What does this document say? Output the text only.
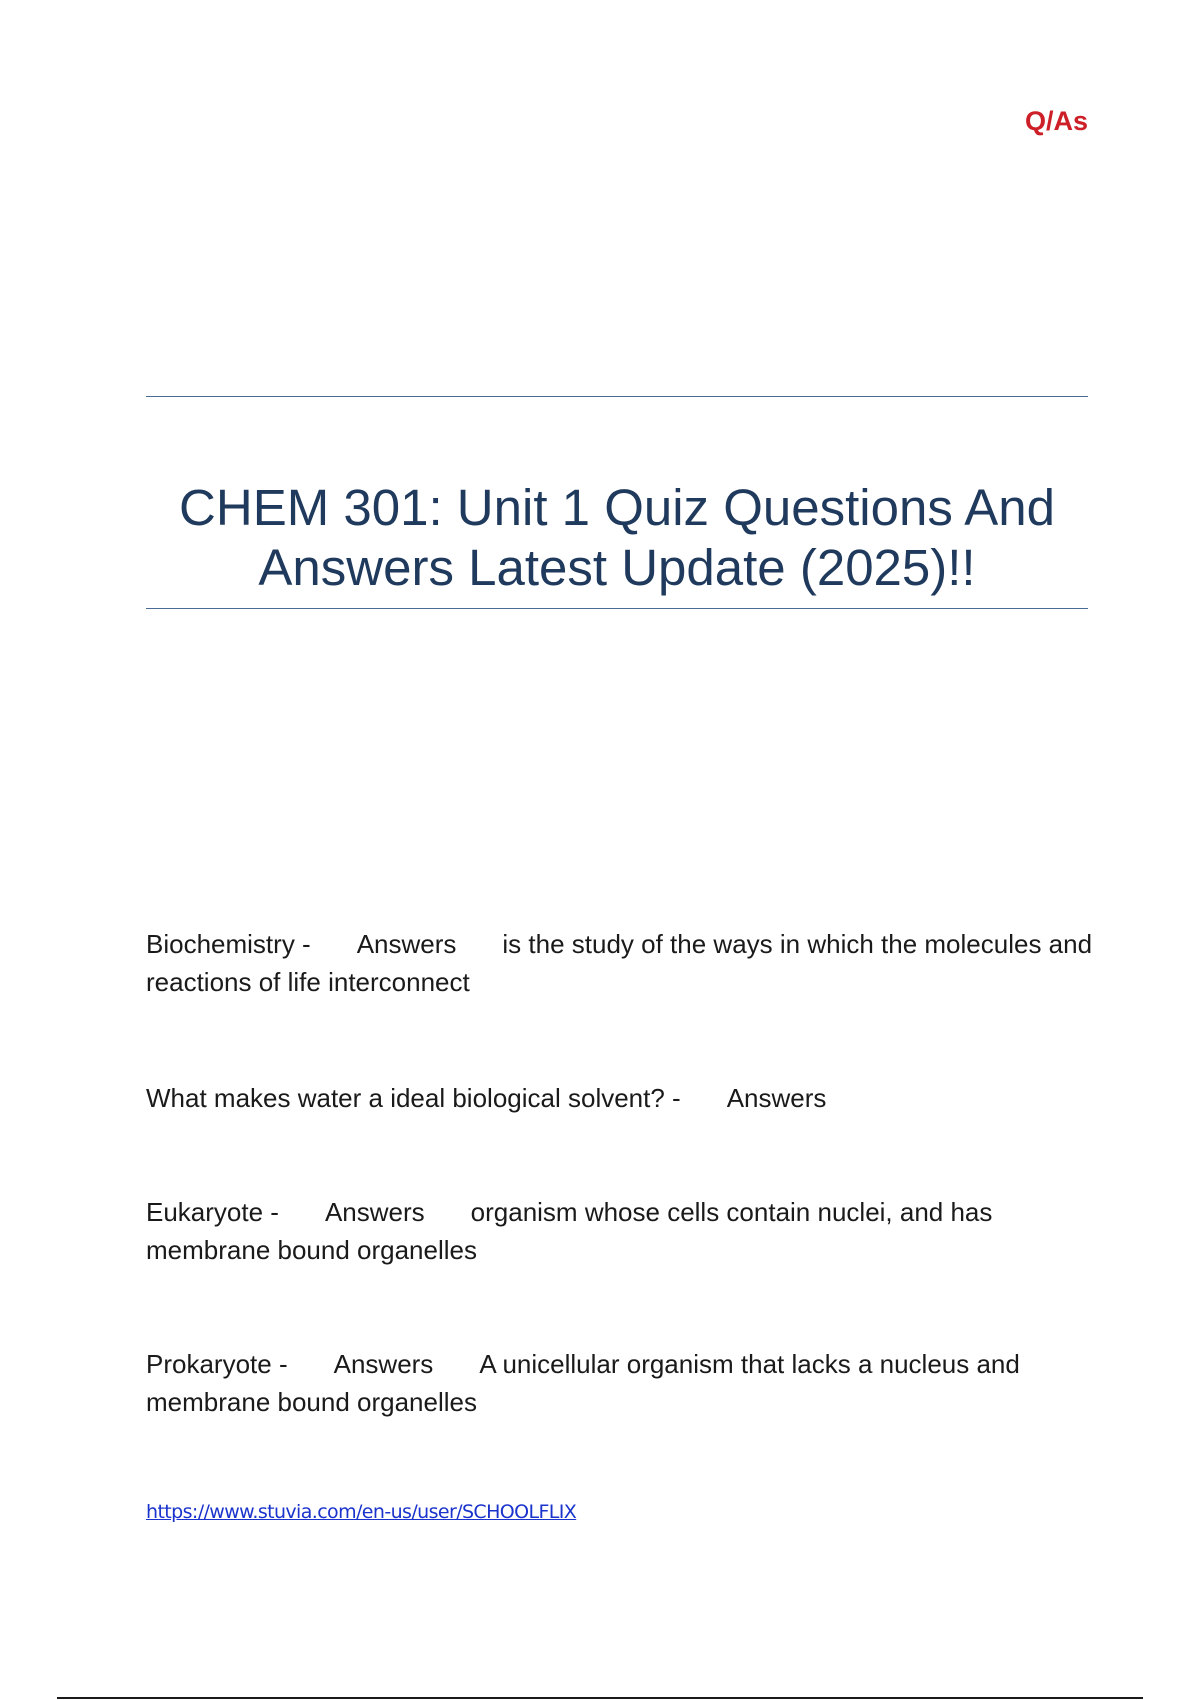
Q/As
CHEM 301: Unit 1 Quiz Questions And
Answers Latest Update (2025)!!
Biochemistry - Answers is the study of the ways in which the molecules and reactions of life interconnect
What makes water a ideal biological solvent? - Answers
Eukaryote - Answers organism whose cells contain nuclei, and has membrane bound organelles
Prokaryote - Answers A unicellular organism that lacks a nucleus and membrane bound organelles
https://www.stuvia.com/en-us/user/SCHOOLFLIX
